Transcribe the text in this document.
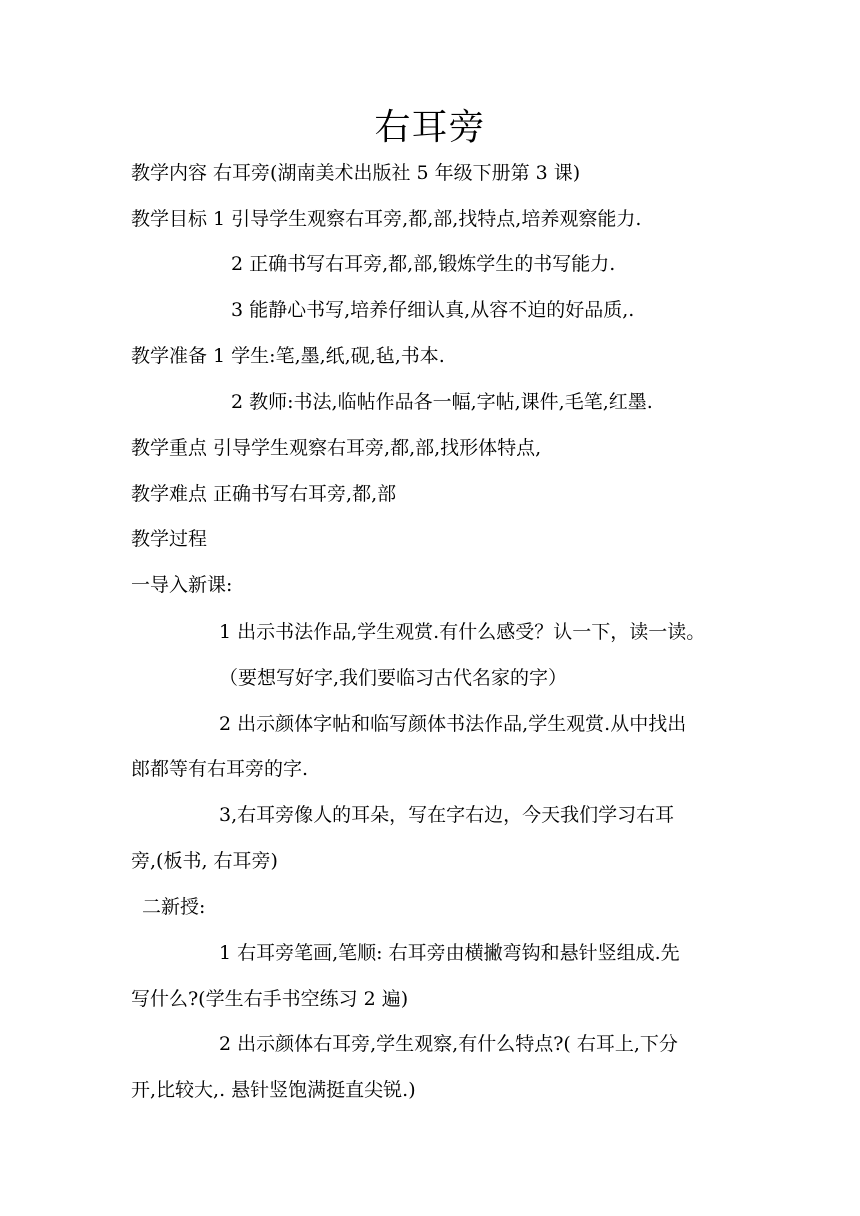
右耳旁
教学内容 右耳旁(湖南美术出版社 5 年级下册第 3 课)
教学目标 1 引导学生观察右耳旁,都,部,找特点,培养观察能力.
2 正确书写右耳旁,都,部,锻炼学生的书写能力.
3 能静心书写,培养仔细认真,从容不迫的好品质,.
教学准备 1 学生:笔,墨,纸,砚,毡,书本.
2 教师:书法,临帖作品各一幅,字帖,课件,毛笔,红墨.
教学重点 引导学生观察右耳旁,都,部,找形体特点,
教学难点 正确书写右耳旁,都,部
教学过程
一导入新课:
1 出示书法作品,学生观赏.有什么感受？认一下，读一读。
（要想写好字,我们要临习古代名家的字）
2 出示颜体字帖和临写颜体书法作品,学生观赏.从中找出
郎都等有右耳旁的字.
3,右耳旁像人的耳朵，写在字右边，今天我们学习右耳
旁,(板书, 右耳旁)
二新授:
1 右耳旁笔画,笔顺: 右耳旁由横撇弯钩和悬针竖组成.先
写什么?(学生右手书空练习 2 遍)
2 出示颜体右耳旁,学生观察,有什么特点?( 右耳上,下分
开,比较大,. 悬针竖饱满挺直尖锐.)
